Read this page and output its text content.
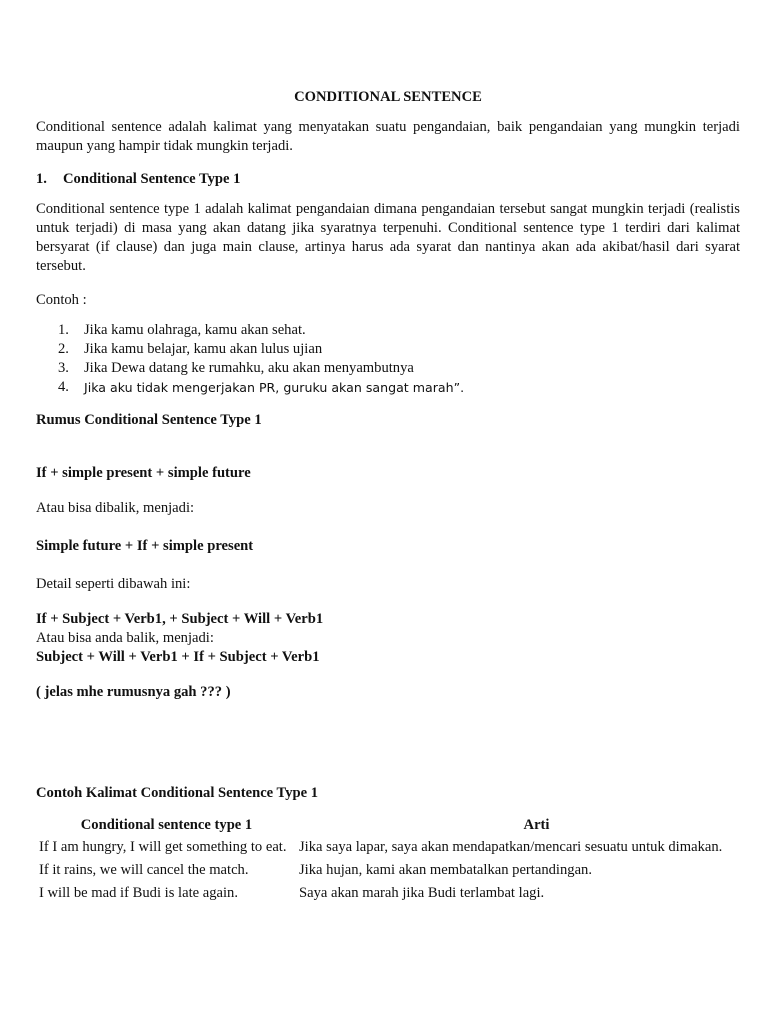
CONDITIONAL SENTENCE
Conditional sentence adalah kalimat yang menyatakan suatu pengandaian, baik pengandaian yang mungkin terjadi maupun yang hampir tidak mungkin terjadi.
1.	Conditional Sentence Type 1
Conditional sentence type 1 adalah kalimat pengandaian dimana pengandaian tersebut sangat mungkin terjadi (realistis untuk terjadi) di masa yang akan datang jika syaratnya terpenuhi. Conditional sentence type 1 terdiri dari kalimat bersyarat (if clause) dan juga main clause, artinya harus ada syarat dan nantinya akan ada akibat/hasil dari syarat tersebut.
Contoh :
1.	Jika kamu olahraga, kamu akan sehat.
2.	Jika kamu belajar, kamu akan lulus ujian
3.	Jika Dewa datang ke rumahku, aku akan menyambutnya
4.	Jika aku tidak mengerjakan PR, guruku akan sangat marah”.
Rumus Conditional Sentence Type 1
If + simple present + simple future
Atau bisa dibalik, menjadi:
Simple future + If + simple present
Detail seperti dibawah ini:
If + Subject + Verb1, + Subject + Will + Verb1
Atau bisa anda balik, menjadi:
Subject + Will + Verb1 + If + Subject + Verb1
( jelas mhe rumusnya gah ??? )
Contoh Kalimat Conditional Sentence Type 1
Conditional sentence type 1	Arti
If I am hungry, I will get something to eat.	Jika saya lapar, saya akan mendapatkan/mencari sesuatu untuk dimakan.
If it rains, we will cancel the match.	Jika hujan, kami akan membatalkan pertandingan.
I will be mad if Budi is late again.	Saya akan marah jika Budi terlambat lagi.
